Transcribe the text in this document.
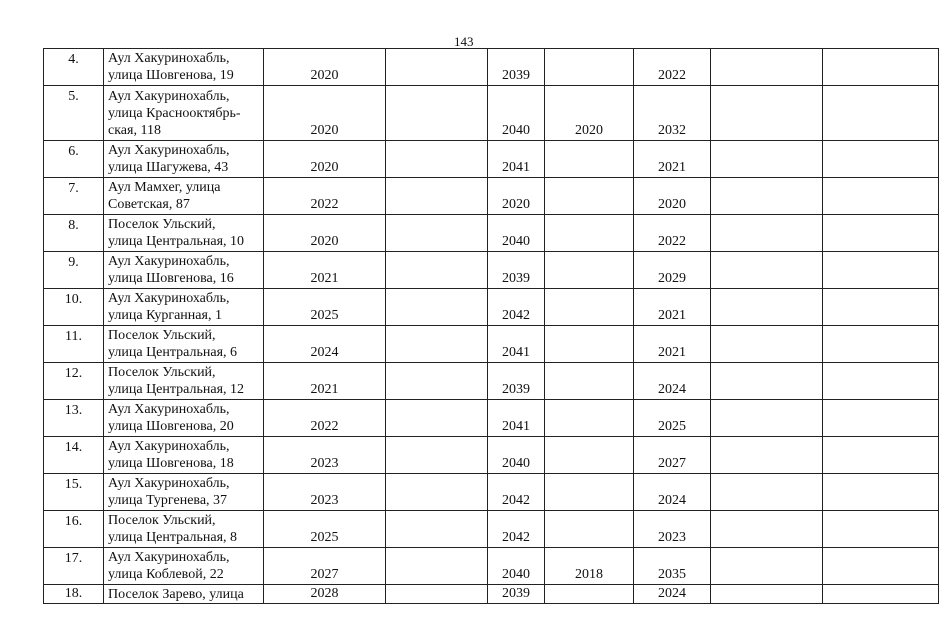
143
4.	Аул Хакуринохабль,
улица Шовгенова, 19	2020		2039		2022		
5.	Аул Хакуринохабль,
улица Краснооктябрь-
ская, 118	2020		2040	2020	2032		
6.	Аул Хакуринохабль,
улица Шагужева, 43	2020		2041		2021		
7.	Аул Мамхег, улица
Советская, 87	2022		2020		2020		
8.	Поселок Ульский,
улица Центральная, 10	2020		2040		2022		
9.	Аул Хакуринохабль,
улица Шовгенова, 16	2021		2039		2029		
10.	Аул Хакуринохабль,
улица Курганная, 1	2025		2042		2021		
11.	Поселок Ульский,
улица Центральная, 6	2024		2041		2021		
12.	Поселок Ульский,
улица Центральная, 12	2021		2039		2024		
13.	Аул Хакуринохабль,
улица Шовгенова, 20	2022		2041		2025		
14.	Аул Хакуринохабль,
улица Шовгенова, 18	2023		2040		2027		
15.	Аул Хакуринохабль,
улица Тургенева, 37	2023		2042		2024		
16.	Поселок Ульский,
улица Центральная, 8	2025		2042		2023		
17.	Аул Хакуринохабль,
улица Коблевой, 22	2027		2040	2018	2035		
18.	Поселок Зарево, улица	2028		2039		2024		
